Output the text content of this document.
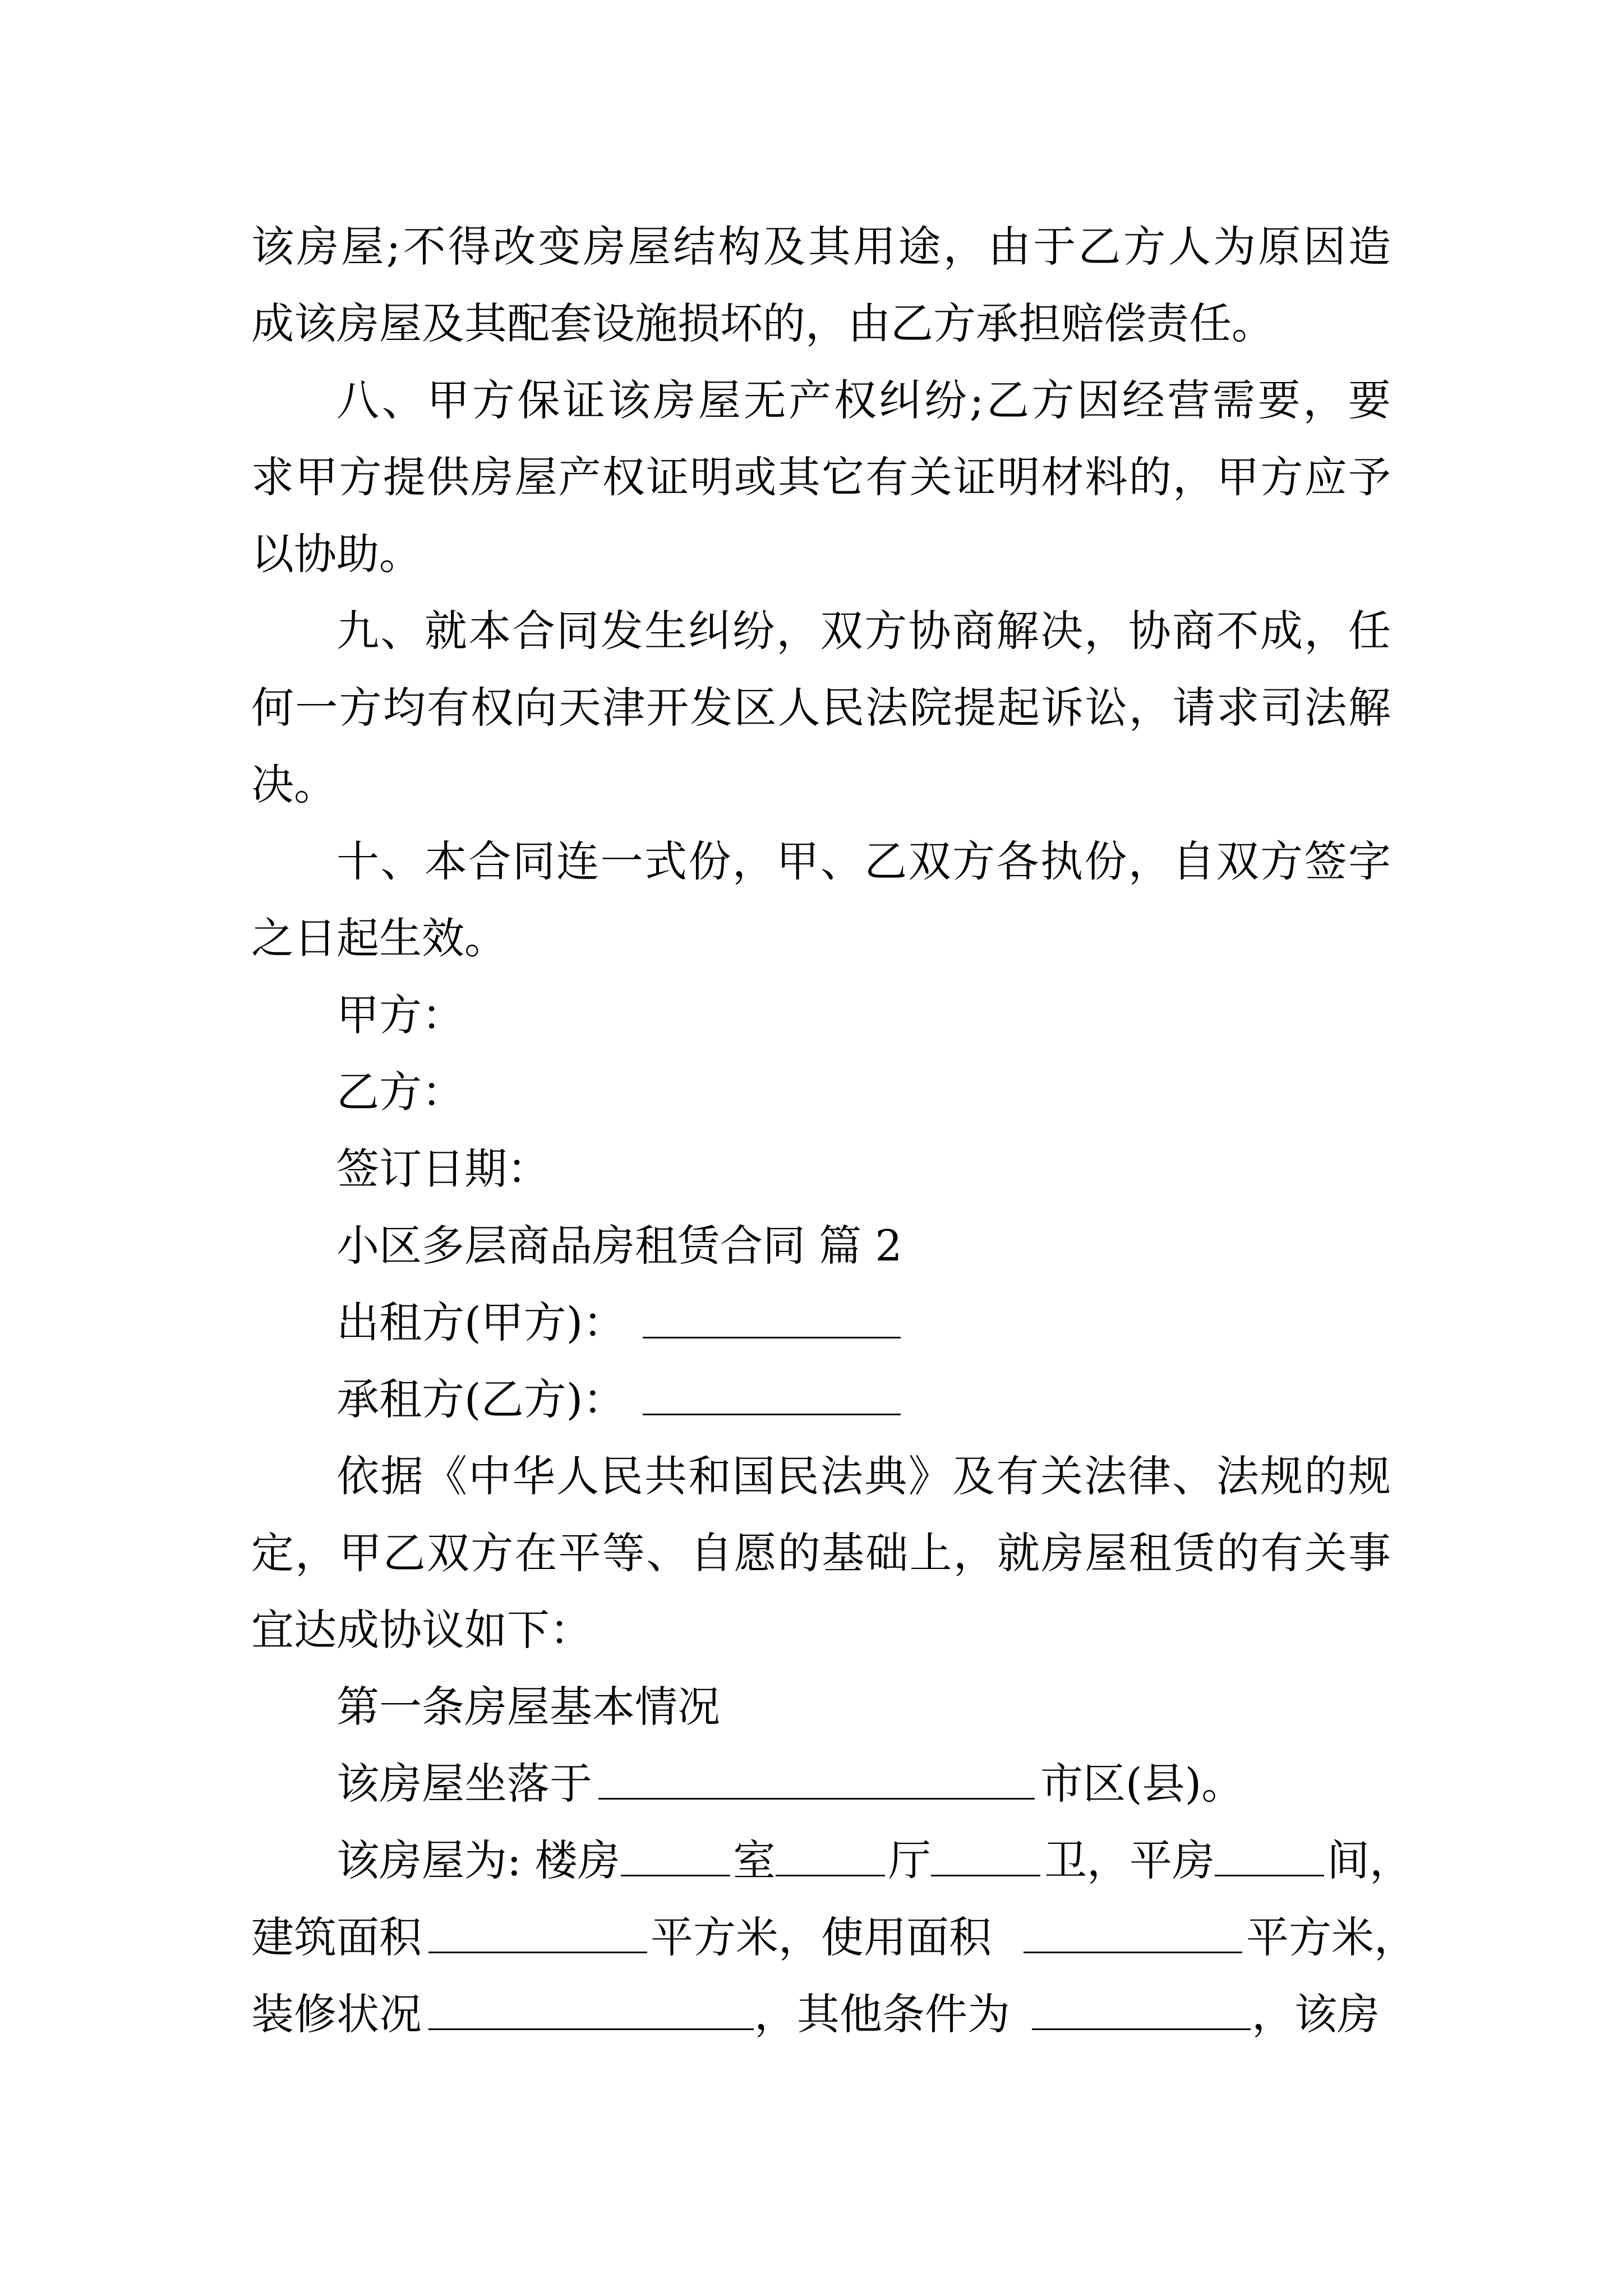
该房屋;不得改变房屋结构及其用途，由于乙方人为原因造
成该房屋及其配套设施损坏的，由乙方承担赔偿责任。
八、甲方保证该房屋无产权纠纷;乙方因经营需要，要
求甲方提供房屋产权证明或其它有关证明材料的，甲方应予
以协助。
九、就本合同发生纠纷，双方协商解决，协商不成，任
何一方均有权向天津开发区人民法院提起诉讼，请求司法解
决。
十、本合同连一式份，甲、乙双方各执份，自双方签字
之日起生效。
甲方：
乙方：
签订日期：
小区多层商品房租赁合同 篇 2
出租方(甲方)：
承租方(乙方)：
依据《中华人民共和国民法典》及有关法律、法规的规
定，甲乙双方在平等、自愿的基础上，就房屋租赁的有关事
宜达成协议如下：
第一条房屋基本情况
该房屋坐落于	市区(县)。
该房屋为: 楼房	室	厅	卫，平房	间，
建筑面积	平方米，使用面积	平方米，
装修状况	，其他条件为	，该房
